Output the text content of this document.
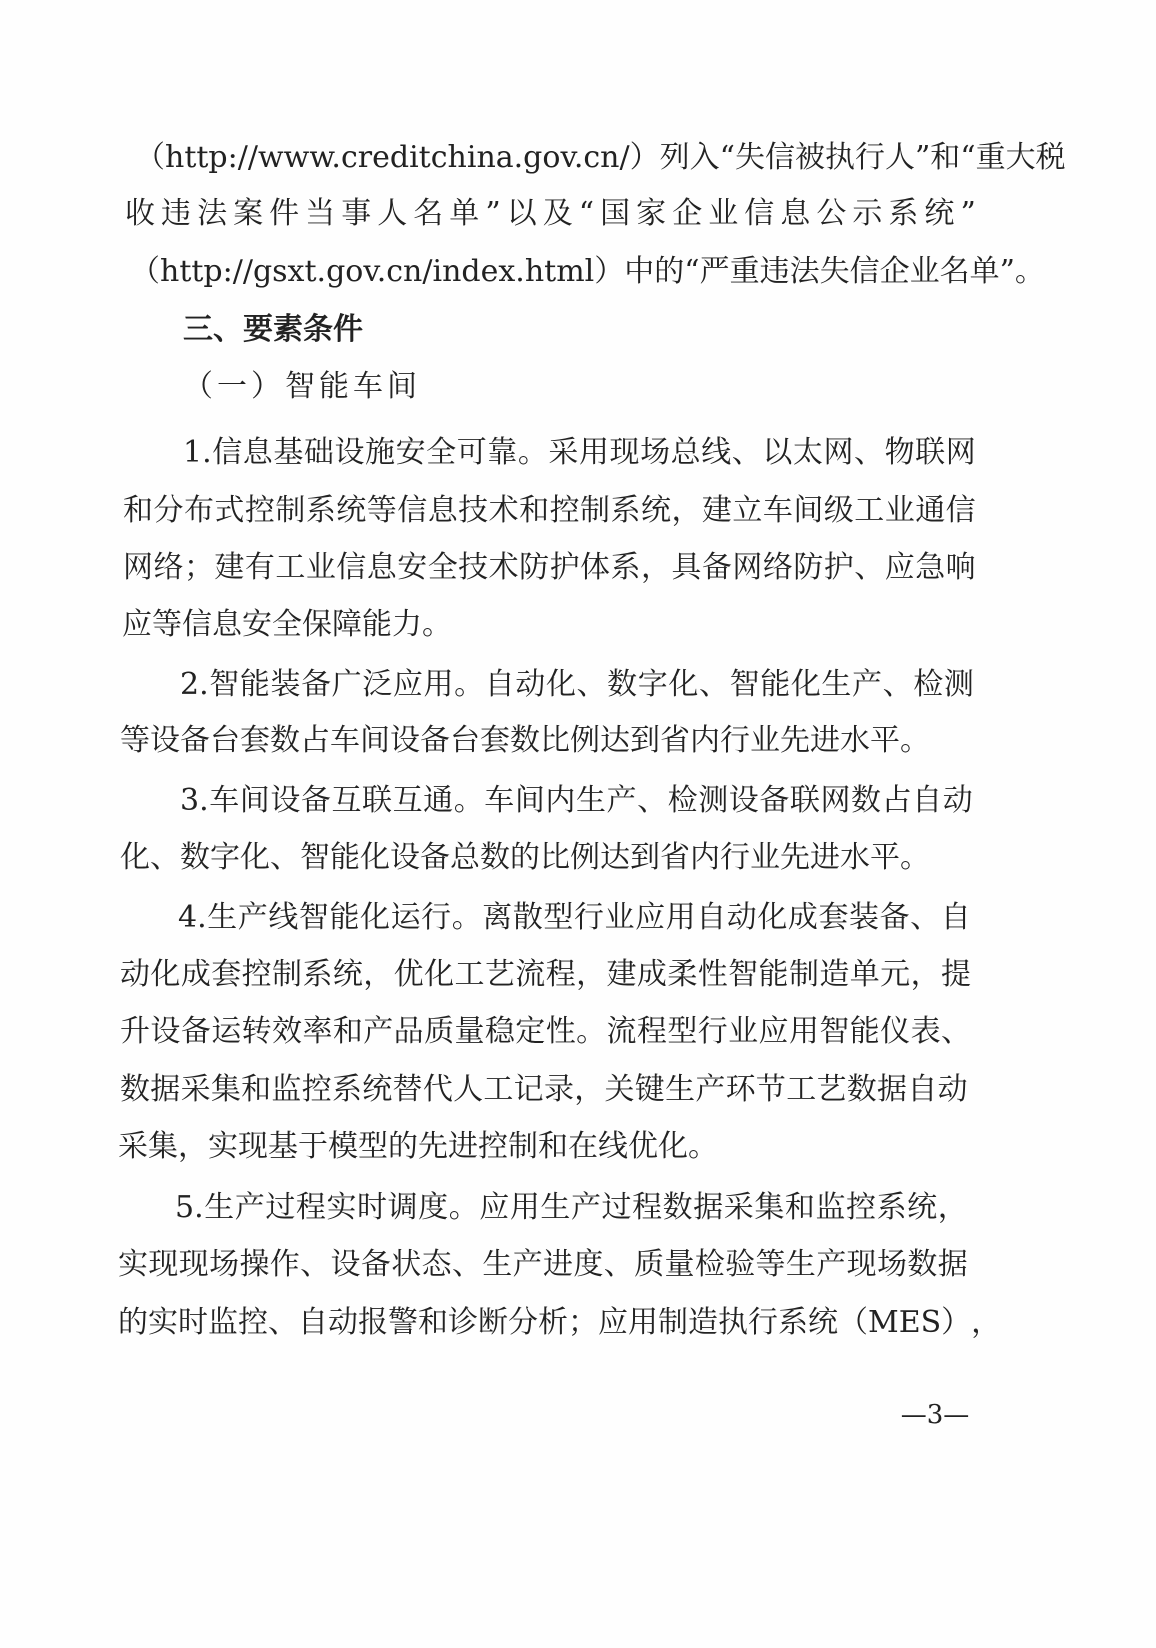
（ http://www.creditchina.gov.cn/ ） 列 入 “ 失 信 被 执 行 人 ” 和 “ 重 大 税
收 违 法 案 件 当 事 人 名 单 ” 以 及 “ 国 家 企 业 信 息 公 示 系 统 ”
（http://gsxt.gov.cn/index.html）中的“严重违法失信企业名单”。
三、要素条件
（一）智能车间
1. 信 息 基 础 设 施 安 全 可 靠 。 采 用 现 场 总 线 、 以 太 网 、 物 联 网
和 分 布 式 控 制 系 统 等 信 息 技 术 和 控 制 系 统 ， 建 立 车 间 级 工 业 通 信
网 络 ； 建 有 工 业 信 息 安 全 技 术 防 护 体 系 ， 具 备 网 络 防 护 、 应 急 响
应等信息安全保障能力。
2. 智 能 装 备 广 泛 应 用 。 自 动 化 、 数 字 化 、 智 能 化 生 产 、 检 测
等设备台套数占车间设备台套数比例达到省内行业先进水平。
3. 车 间 设 备 互 联 互 通 。 车 间 内 生 产 、 检 测 设 备 联 网 数 占 自 动
化、数字化、智能化设备总数的比例达到省内行业先进水平。
4. 生 产 线 智 能 化 运 行 。 离 散 型 行 业 应 用 自 动 化 成 套 装 备 、 自
动 化 成 套 控 制 系 统 ， 优 化 工 艺 流 程 ， 建 成 柔 性 智 能 制 造 单 元 ， 提
升 设 备 运 转 效 率 和 产 品 质 量 稳 定 性 。 流 程 型 行 业 应 用 智 能 仪 表 、
数 据 采 集 和 监 控 系 统 替 代 人 工 记 录 ， 关 键 生 产 环 节 工 艺 数 据 自 动
采集，实现基于模型的先进控制和在线优化。
5. 生 产 过 程 实 时 调 度 。 应 用 生 产 过 程 数 据 采 集 和 监 控 系 统 ，
实 现 现 场 操 作 、 设 备 状 态 、 生 产 进 度 、 质 量 检 验 等 生 产 现 场 数 据
的 实 时 监 控 、 自 动 报 警 和 诊 断 分 析 ； 应 用 制 造 执 行 系 统 （ MES ） ，
—3—
